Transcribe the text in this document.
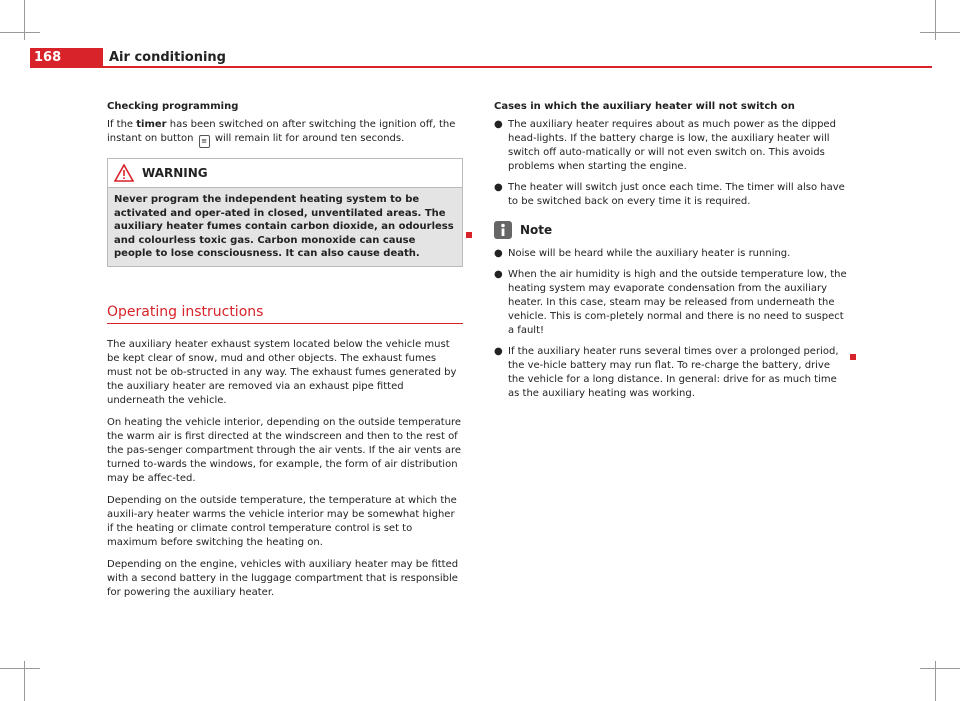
168	Air conditioning

Checking programming

If the timer has been switched on after switching the ignition off, the instant on button ≡ will remain lit for around ten seconds.

WARNING
Never program the independent heating system to be activated and oper-ated in closed, unventilated areas. The auxiliary heater fumes contain carbon dioxide, an odourless and colourless toxic gas. Carbon monoxide can cause people to lose consciousness. It can also cause death.
Operating instructions

The auxiliary heater exhaust system located below the vehicle must be kept clear of snow, mud and other objects. The exhaust fumes must not be ob-structed in any way. The exhaust fumes generated by the auxiliary heater are removed via an exhaust pipe fitted underneath the vehicle.

On heating the vehicle interior, depending on the outside temperature the warm air is first directed at the windscreen and then to the rest of the pas-senger compartment through the air vents. If the air vents are turned to-wards the windows, for example, the form of air distribution may be affec-ted.

Depending on the outside temperature, the temperature at which the auxili-ary heater warms the vehicle interior may be somewhat higher if the heating or climate control temperature control is set to maximum before switching the heating on.

Depending on the engine, vehicles with auxiliary heater may be fitted with a second battery in the luggage compartment that is responsible for powering the auxiliary heater.

Cases in which the auxiliary heater will not switch on

● The auxiliary heater requires about as much power as the dipped head-lights. If the battery charge is low, the auxiliary heater will switch off auto-matically or will not even switch on. This avoids problems when starting the engine.
● The heater will switch just once each time. The timer will also have to be switched back on every time it is required.
Note
● Noise will be heard while the auxiliary heater is running.
● When the air humidity is high and the outside temperature low, the heating system may evaporate condensation from the auxiliary heater. In this case, steam may be released from underneath the vehicle. This is com-pletely normal and there is no need to suspect a fault!
● If the auxiliary heater runs several times over a prolonged period, the ve-hicle battery may run flat. To re-charge the battery, drive the vehicle for a long distance. In general: drive for as much time as the auxiliary heating was working.
